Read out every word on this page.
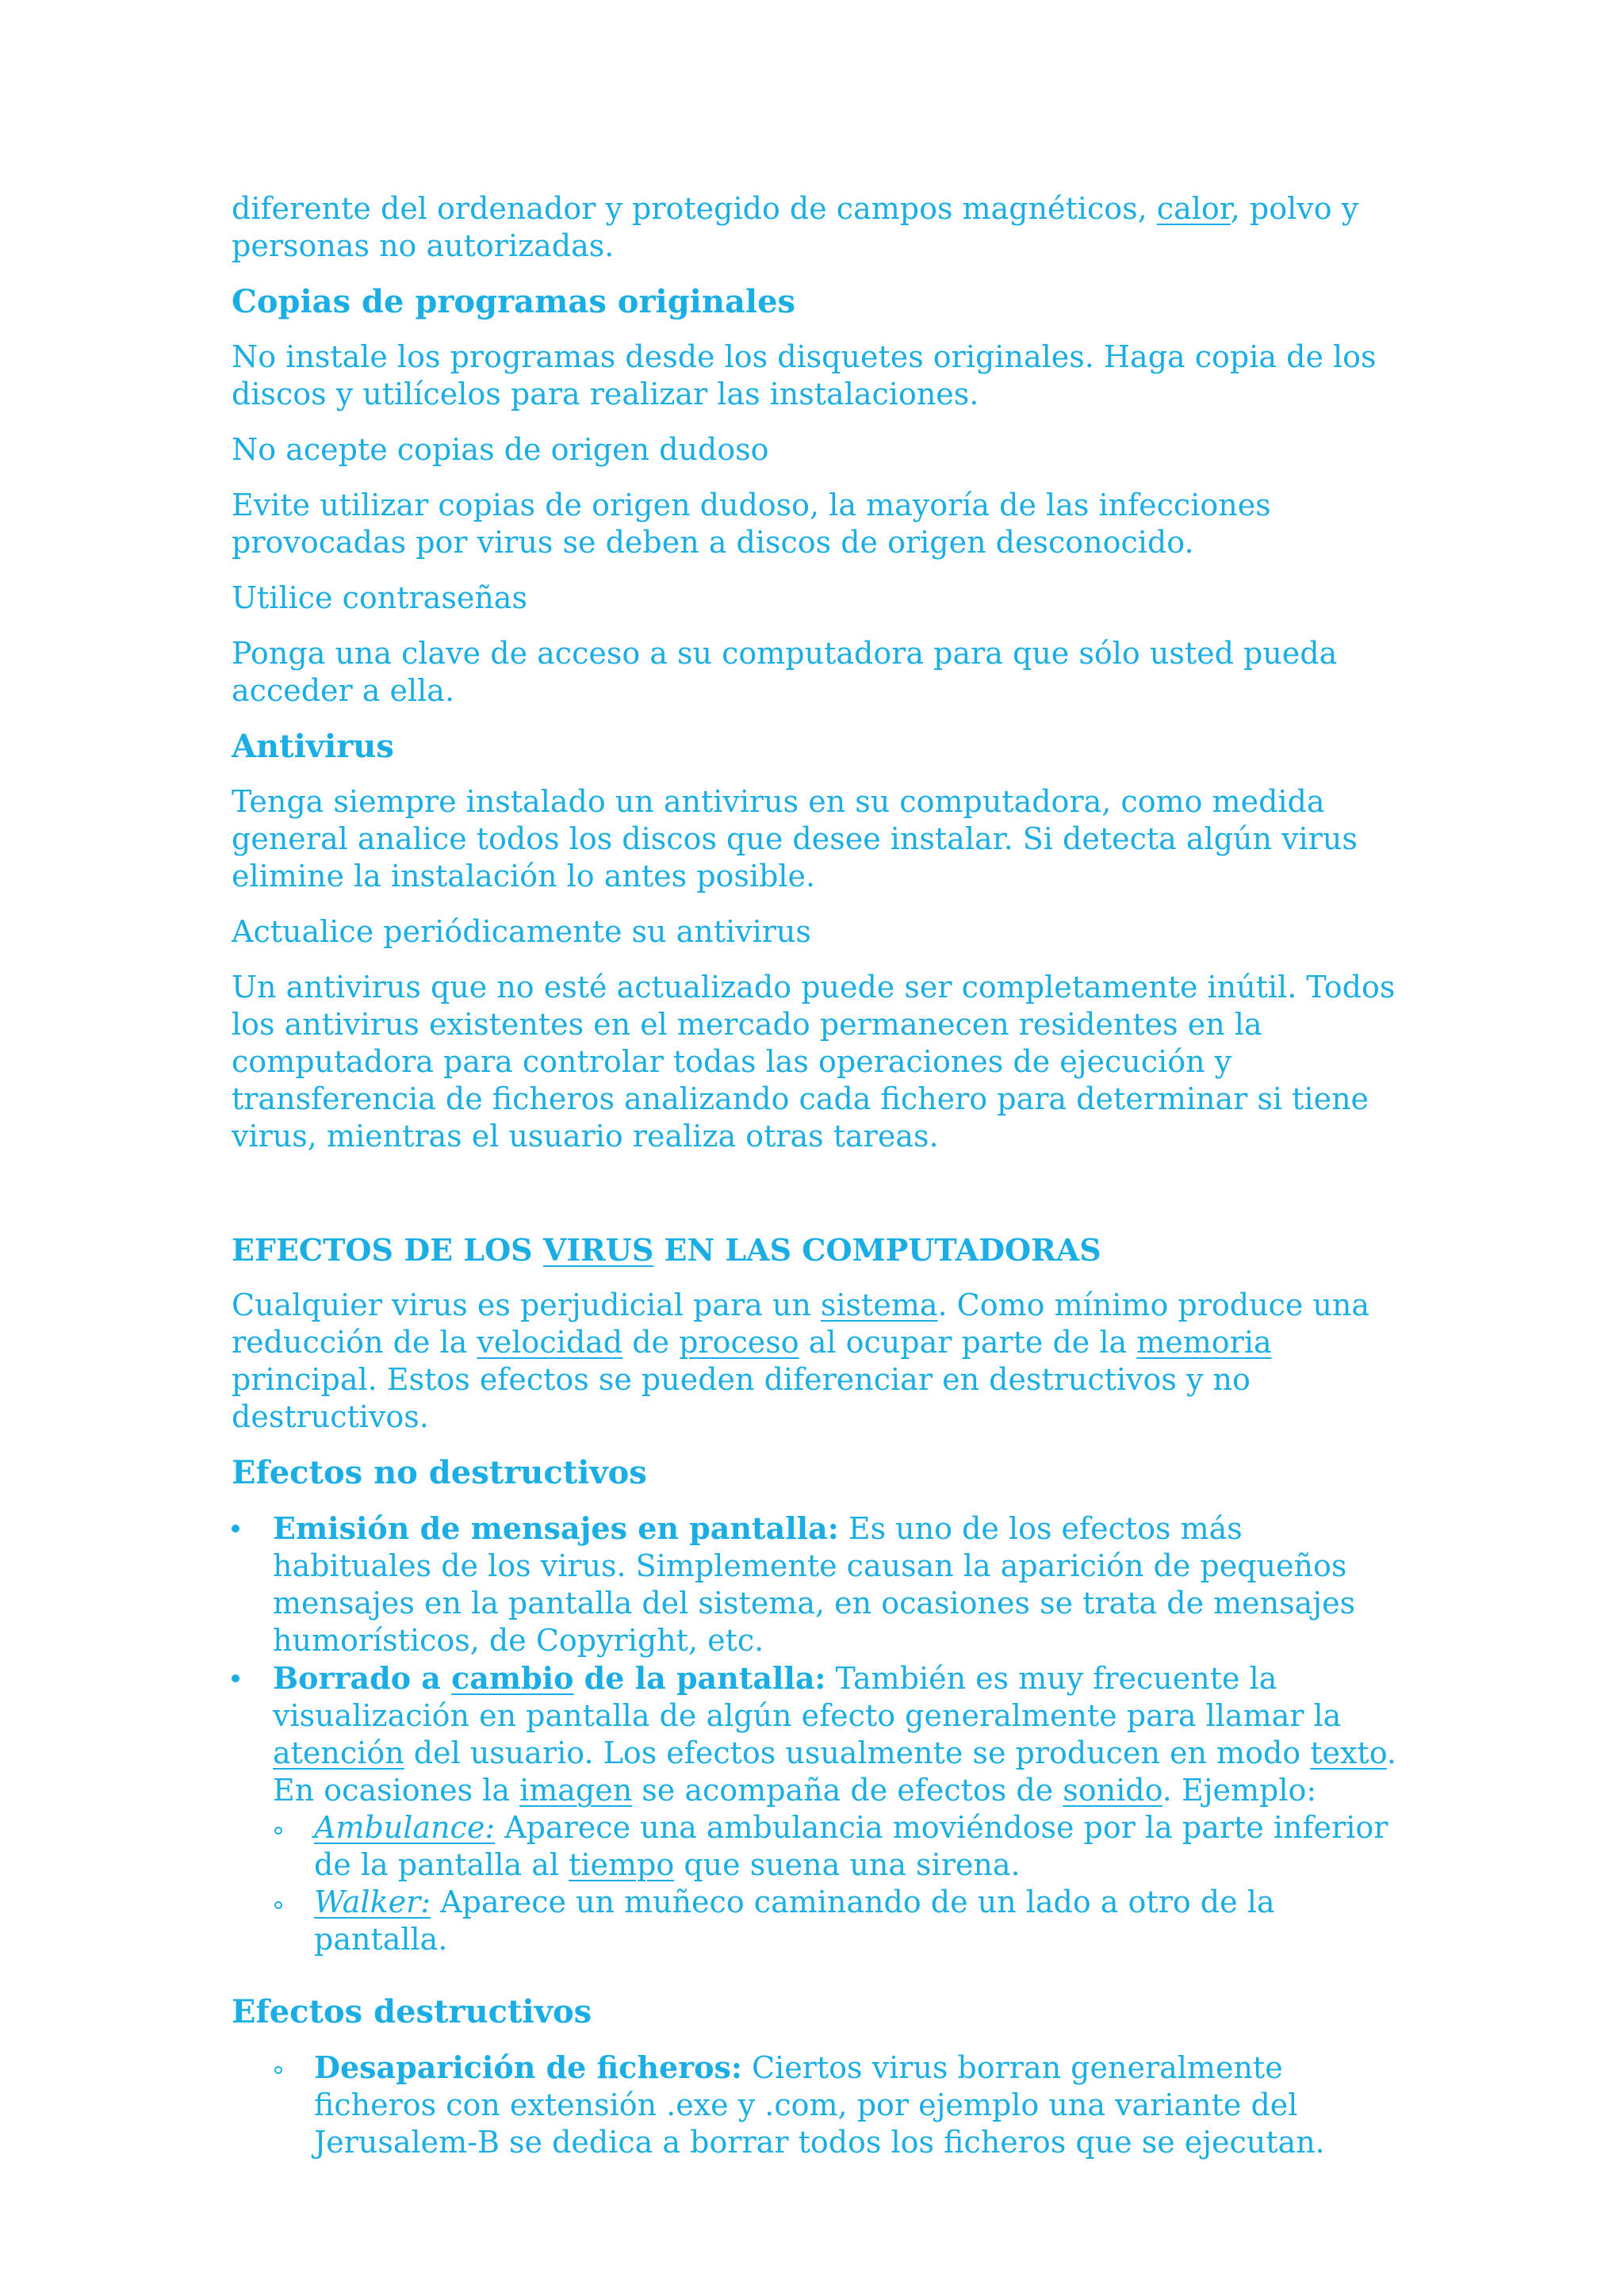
diferente del ordenador y protegido de campos magnéticos, calor, polvo y personas no autorizadas.

Copias de programas originales

No instale los programas desde los disquetes originales. Haga copia de los discos y utilícelos para realizar las instalaciones.

No acepte copias de origen dudoso

Evite utilizar copias de origen dudoso, la mayoría de las infecciones provocadas por virus se deben a discos de origen desconocido.

Utilice contraseñas

Ponga una clave de acceso a su computadora para que sólo usted pueda acceder a ella.

Antivirus

Tenga siempre instalado un antivirus en su computadora, como medida general analice todos los discos que desee instalar. Si detecta algún virus elimine la instalación lo antes posible.

Actualice periódicamente su antivirus

Un antivirus que no esté actualizado puede ser completamente inútil. Todos los antivirus existentes en el mercado permanecen residentes en la computadora para controlar todas las operaciones de ejecución y transferencia de ficheros analizando cada fichero para determinar si tiene virus, mientras el usuario realiza otras tareas.

EFECTOS DE LOS VIRUS EN LAS COMPUTADORAS

Cualquier virus es perjudicial para un sistema. Como mínimo produce una reducción de la velocidad de proceso al ocupar parte de la memoria principal. Estos efectos se pueden diferenciar en destructivos y no destructivos.

Efectos no destructivos
Emisión de mensajes en pantalla: Es uno de los efectos más habituales de los virus. Simplemente causan la aparición de pequeños mensajes en la pantalla del sistema, en ocasiones se trata de mensajes humorísticos, de Copyright, etc.
Borrado a cambio de la pantalla: También es muy frecuente la visualización en pantalla de algún efecto generalmente para llamar la atención del usuario. Los efectos usualmente se producen en modo texto. En ocasiones la imagen se acompaña de efectos de sonido. Ejemplo:
Ambulance: Aparece una ambulancia moviéndose por la parte inferior de la pantalla al tiempo que suena una sirena.
Walker: Aparece un muñeco caminando de un lado a otro de la pantalla.
Efectos destructivos
Desaparición de ficheros: Ciertos virus borran generalmente ficheros con extensión .exe y .com, por ejemplo una variante del Jerusalem-B se dedica a borrar todos los ficheros que se ejecutan.
